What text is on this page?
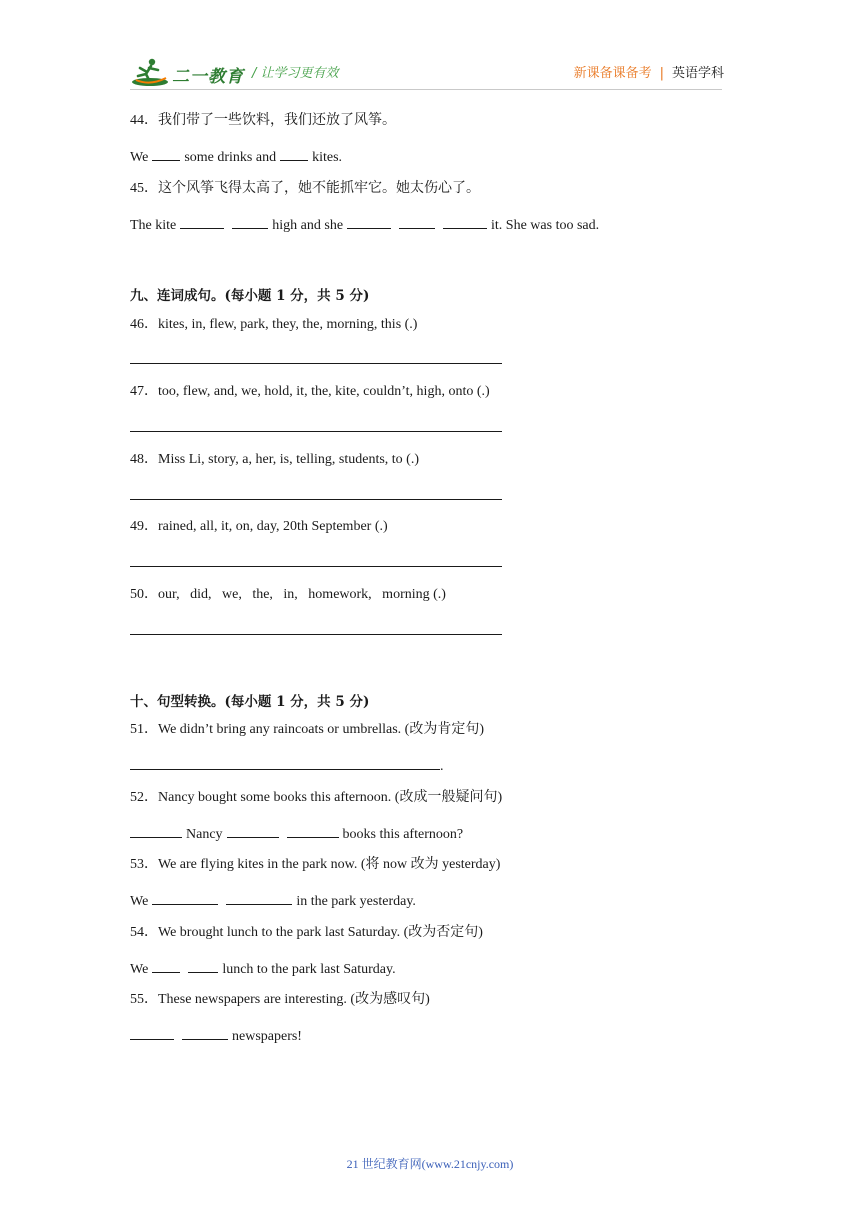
二一教育 / 让学习更有效	新课备课备考 | 英语学科
44．我们带了一些饮料，我们还放了风筝。
We	some drinks and	kites.
45．这个风筝飞得太高了，她不能抓牢它。她太伤心了。
The kite	high and she	it. She was too sad.
九、连词成句。(每小题 1 分，共 5 分)
46．kites, in, flew, park, they, the, morning, this (.)
47．too, flew, and, we, hold, it, the, kite, couldn’t, high, onto (.)
48．Miss Li, story, a, her, is, telling, students, to (.)
49．rained, all, it, on, day, 20th September (.)
50．our,   did,   we,   the,   in,   homework,   morning (.)
十、句型转换。(每小题 1 分，共 5 分)
51．We didn’t bring any raincoats or umbrellas. (改为肯定句)
.
52．Nancy bought some books this afternoon. (改成一般疑问句)
Nancy	books this afternoon?
53．We are flying kites in the park now. (将 now 改为 yesterday)
We	in the park yesterday.
54．We brought lunch to the park last Saturday. (改为否定句)
We	lunch to the park last Saturday.
55．These newspapers are interesting. (改为感叹句)
newspapers!
21 世纪教育网(www.21cnjy.com)
